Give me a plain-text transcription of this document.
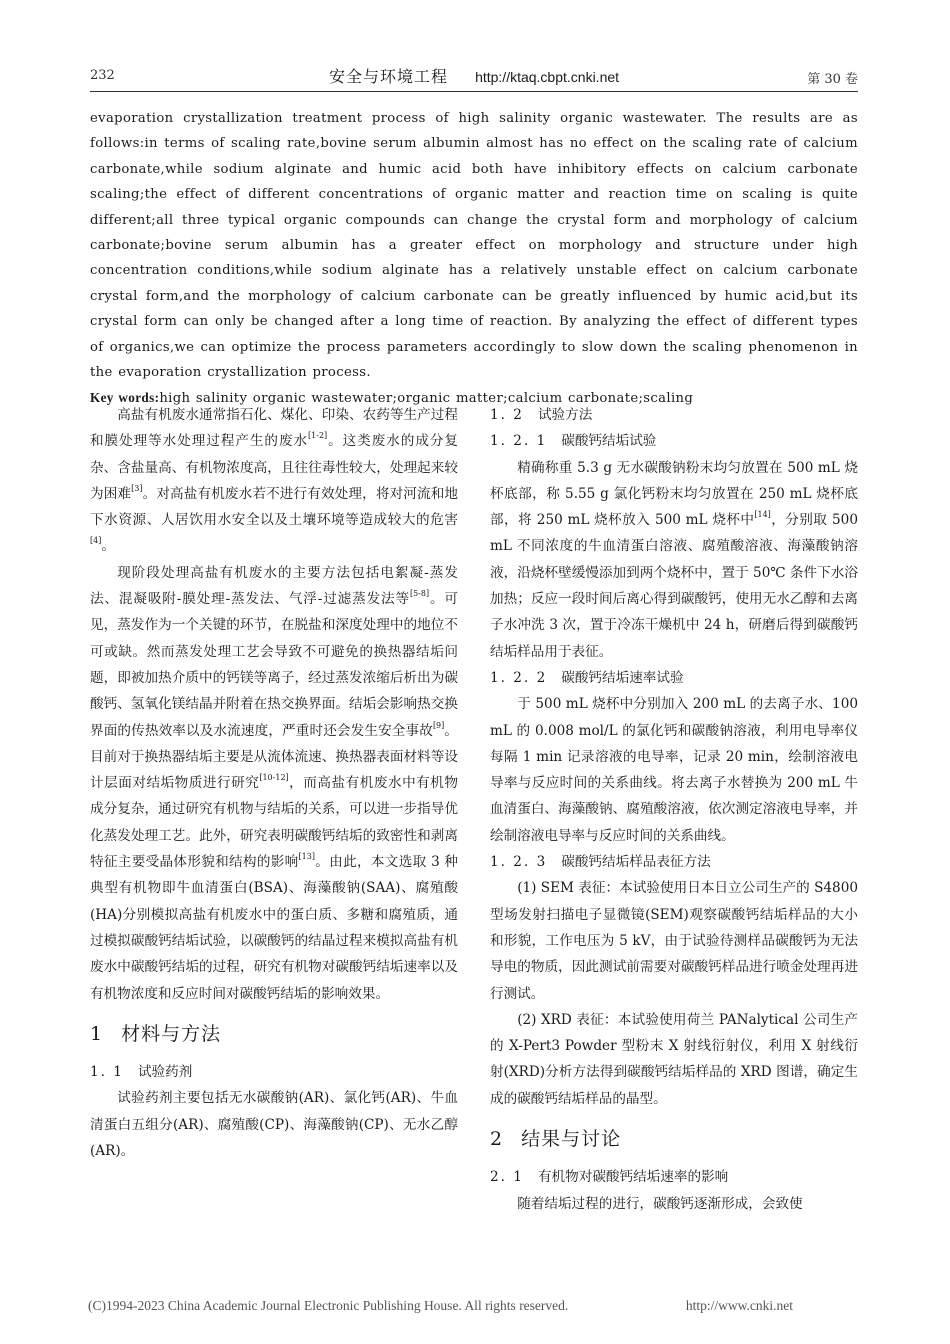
232	安全与环境工程 http://ktaq.cbpt.cnki.net	第 30 卷

evaporation crystallization treatment process of high salinity organic wastewater. The results are as follows:in terms of scaling rate,bovine serum albumin almost has no effect on the scaling rate of calcium carbonate,while sodium alginate and humic acid both have inhibitory effects on calcium carbonate scaling;the effect of different concentrations of organic matter and reaction time on scaling is quite different;all three typical organic compounds can change the crystal form and morphology of calcium carbonate;bovine serum albumin has a greater effect on morphology and structure under high concentration conditions,while sodium alginate has a relatively unstable effect on calcium carbonate crystal form,and the morphology of calcium carbonate can be greatly influenced by humic acid,but its crystal form can only be changed after a long time of reaction. By analyzing the effect of different types of organics,we can optimize the process parameters accordingly to slow down the scaling phenomenon in the evaporation crystallization process.

Key words:high salinity organic wastewater;organic matter;calcium carbonate;scaling

高盐有机废水通常指石化、煤化、印染、农药等生产过程和膜处理等水处理过程产生的废水[1-2]。这类废水的成分复杂、含盐量高、有机物浓度高，且往往毒性较大，处理起来较为困难[3]。对高盐有机废水若不进行有效处理，将对河流和地下水资源、人居饮用水安全以及土壤环境等造成较大的危害[4]。

现阶段处理高盐有机废水的主要方法包括电絮凝-蒸发法、混凝吸附-膜处理-蒸发法、气浮-过滤蒸发法等[5-8]。可见，蒸发作为一个关键的环节，在脱盐和深度处理中的地位不可或缺。然而蒸发处理工艺会导致不可避免的换热器结垢问题，即被加热介质中的钙镁等离子，经过蒸发浓缩后析出为碳酸钙、氢氧化镁结晶并附着在热交换界面。结垢会影响热交换界面的传热效率以及水流速度，严重时还会发生安全事故[9]。目前对于换热器结垢主要是从流体流速、换热器表面材料等设计层面对结垢物质进行研究[10-12]，而高盐有机废水中有机物成分复杂，通过研究有机物与结垢的关系，可以进一步指导优化蒸发处理工艺。此外，研究表明碳酸钙结垢的致密性和剥离特征主要受晶体形貌和结构的影响[13]。由此，本文选取 3 种典型有机物即牛血清蛋白(BSA)、海藻酸钠(SAA)、腐殖酸(HA)分别模拟高盐有机废水中的蛋白质、多糖和腐殖质，通过模拟碳酸钙结垢试验，以碳酸钙的结晶过程来模拟高盐有机废水中碳酸钙结垢的过程，研究有机物对碳酸钙结垢速率以及有机物浓度和反应时间对碳酸钙结垢的影响效果。

1 材料与方法

1. 1 试验药剂

试验药剂主要包括无水碳酸钠(AR)、氯化钙(AR)、牛血清蛋白五组分(AR)、腐殖酸(CP)、海藻酸钠(CP)、无水乙醇(AR)。

1. 2 试验方法

1. 2. 1 碳酸钙结垢试验

精确称重 5.3 g 无水碳酸钠粉末均匀放置在 500 mL 烧杯底部，称 5.55 g 氯化钙粉末均匀放置在 250 mL 烧杯底部，将 250 mL 烧杯放入 500 mL 烧杯中[14]，分别取 500 mL 不同浓度的牛血清蛋白溶液、腐殖酸溶液、海藻酸钠溶液，沿烧杯壁缓慢添加到两个烧杯中，置于 50℃ 条件下水浴加热；反应一段时间后离心得到碳酸钙，使用无水乙醇和去离子水冲洗 3 次，置于冷冻干燥机中 24 h，研磨后得到碳酸钙结垢样品用于表征。

1. 2. 2 碳酸钙结垢速率试验

于 500 mL 烧杯中分别加入 200 mL 的去离子水、100 mL 的 0.008 mol/L 的氯化钙和碳酸钠溶液，利用电导率仪每隔 1 min 记录溶液的电导率，记录 20 min，绘制溶液电导率与反应时间的关系曲线。将去离子水替换为 200 mL 牛血清蛋白、海藻酸钠、腐殖酸溶液，依次测定溶液电导率，并绘制溶液电导率与反应时间的关系曲线。

1. 2. 3 碳酸钙结垢样品表征方法

(1) SEM 表征：本试验使用日本日立公司生产的 S4800 型场发射扫描电子显微镜(SEM)观察碳酸钙结垢样品的大小和形貌，工作电压为 5 kV，由于试验待测样品碳酸钙为无法导电的物质，因此测试前需要对碳酸钙样品进行喷金处理再进行测试。

(2) XRD 表征：本试验使用荷兰 PANalytical 公司生产的 X-Pert3 Powder 型粉末 X 射线衍射仪，利用 X 射线衍射(XRD)分析方法得到碳酸钙结垢样品的 XRD 图谱，确定生成的碳酸钙结垢样品的晶型。

2 结果与讨论

2. 1 有机物对碳酸钙结垢速率的影响

随着结垢过程的进行，碳酸钙逐渐形成，会致使

(C)1994-2023 China Academic Journal Electronic Publishing House. All rights reserved.	http://www.cnki.net
